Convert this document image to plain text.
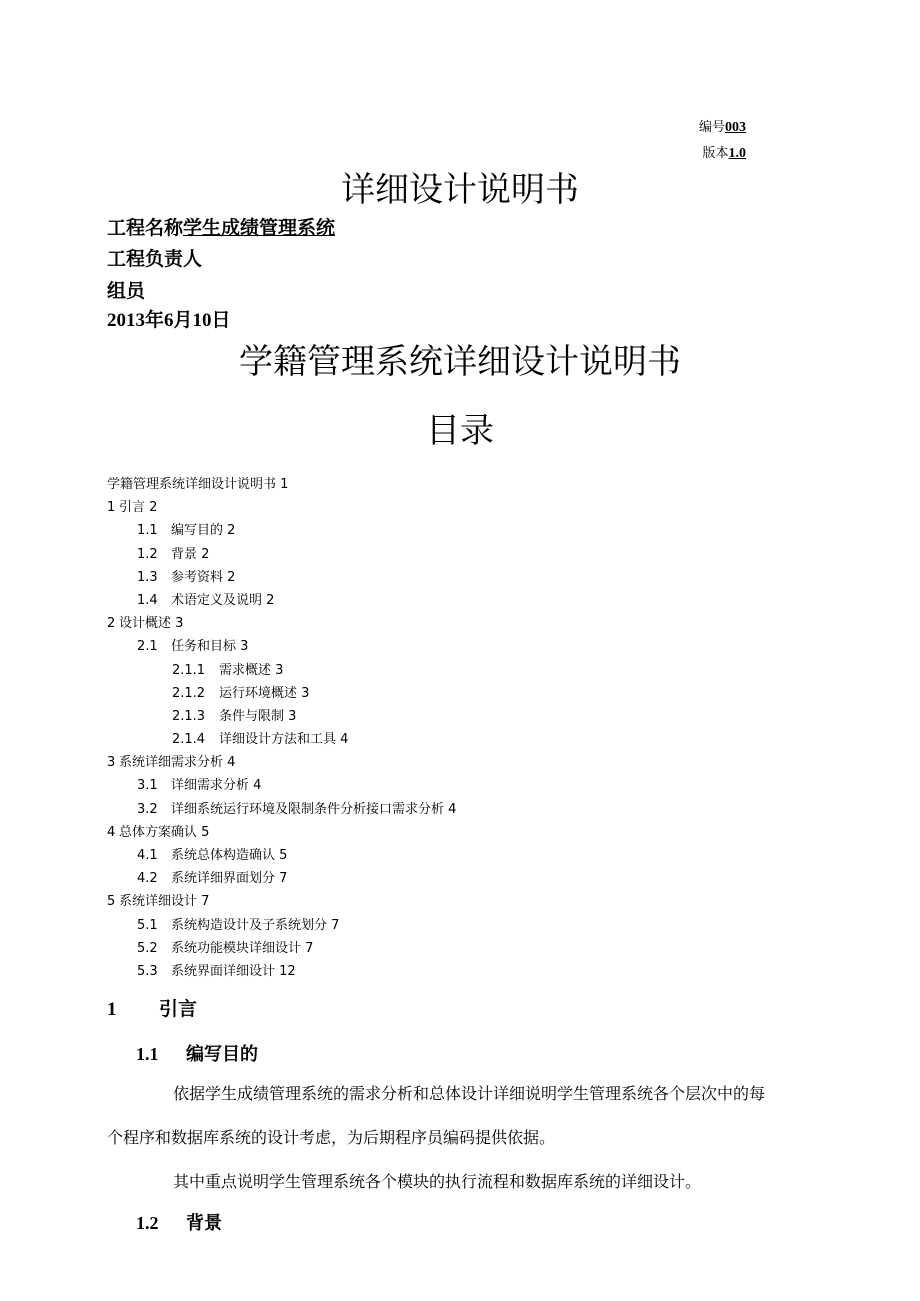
编号003
版本1.0
详细设计说明书
工程名称学生成绩管理系统
工程负责人
组员
2013年6月10日
学籍管理系统详细设计说明书
目录
学籍管理系统详细设计说明书 1
1 引言 2
1.1 编写目的 2
1.2 背景 2
1.3 参考资料 2
1.4 术语定义及说明 2
2 设计概述 3
2.1 任务和目标 3
2.1.1 需求概述 3
2.1.2 运行环境概述 3
2.1.3 条件与限制 3
2.1.4 详细设计方法和工具 4
3 系统详细需求分析 4
3.1 详细需求分析 4
3.2 详细系统运行环境及限制条件分析接口需求分析 4
4 总体方案确认 5
4.1 系统总体构造确认 5
4.2 系统详细界面划分 7
5 系统详细设计 7
5.1 系统构造设计及子系统划分 7
5.2 系统功能模块详细设计 7
5.3 系统界面详细设计 12
1 引言
1.1 编写目的
依据学生成绩管理系统的需求分析和总体设计详细说明学生管理系统各个层次中的每
个程序和数据库系统的设计考虑，为后期程序员编码提供依据。
其中重点说明学生管理系统各个模块的执行流程和数据库系统的详细设计。
1.2 背景
